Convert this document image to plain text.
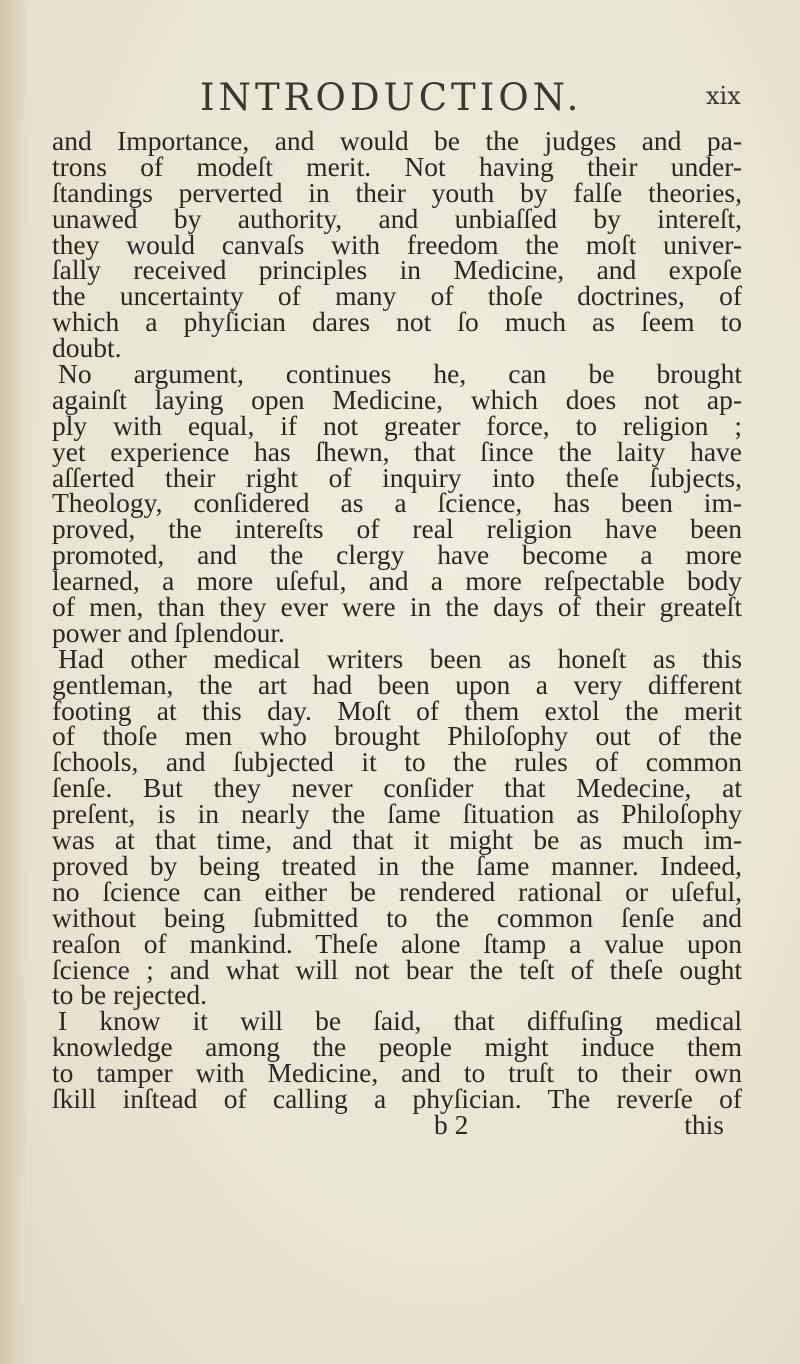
INTRODUCTION.	xix
and Importance, and would be the judges and pa-
trons of modeſt merit. Not having their under-
ſtandings perverted in their youth by falſe theories,
unawed by authority, and unbiaſſed by intereſt,
they would canvaſs with freedom the moſt univer-
ſally received principles in Medicine, and expoſe
the uncertainty of many of thoſe doctrines, of
which a phyſician dares not ſo much as ſeem to
doubt.
No argument, continues he, can be brought
againſt laying open Medicine, which does not ap-
ply with equal, if not greater force, to religion ;
yet experience has ſhewn, that ſince the laity have
aſſerted their right of inquiry into theſe ſubjects,
Theology, conſidered as a ſcience, has been im-
proved, the intereſts of real religion have been
promoted, and the clergy have become a more
learned, a more uſeful, and a more reſpectable body
of men, than they ever were in the days of their greateſt
power and ſplendour.
Had other medical writers been as honeſt as this
gentleman, the art had been upon a very different
footing at this day. Moſt of them extol the merit
of thoſe men who brought Philoſophy out of the
ſchools, and ſubjected it to the rules of common
ſenſe. But they never conſider that Medecine, at
preſent, is in nearly the ſame ſituation as Philoſophy
was at that time, and that it might be as much im-
proved by being treated in the ſame manner. Indeed,
no ſcience can either be rendered rational or uſeful,
without being ſubmitted to the common ſenſe and
reaſon of mankind. Theſe alone ſtamp a value upon
ſcience ; and what will not bear the teſt of theſe ought
to be rejected.
I know it will be ſaid, that diffuſing medical
knowledge among the people might induce them
to tamper with Medicine, and to truſt to their own
ſkill inſtead of calling a phyſician. The reverſe of
b 2	this
